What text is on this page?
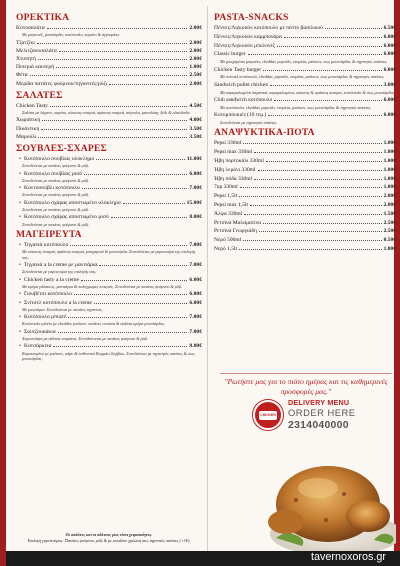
ΟΡΕΚΤΙΚΑ
Κοτοσαλάτα	2.00€
Με μαγιονέζ, μουστάρδα, κοτόπουλο, καρότο & αγγουράκι.
Τζατζίκι	2.00€
Μελιτζανοσαλάτα	2.00€
Χτυπητή	2.00€
Πιπεριά καυτερή	1.00€
Φέτα	2.50€
Μερίδα πατάτες φούρνου/τηγανιτές/ρύζι	2.00€
ΣΑΛΑΤΕΣ
Chicken Tasty	4.50€
Σαλάτα με λάχανο, καρότο, κόκκινη πιπεριά, πράσινη πιπεριά, αύγουλα, μαντιλάτη, ξύδι & ελαιόλαδο.
Χωριάτικη	4.00€
Πικάντικη	3.50€
Μαρούλι	3.50€
ΣΟΥΒΛΕΣ-ΣΧΑΡΕΣ
• Κοτόπουλο σούβλας ολόκληρο	11.00€
Συνοδεύεται με πατάτες φούρνου & ρύζι.
• Κοτόπουλο σούβλας μισό	6.00€
Συνοδεύεται με πατάτες φούρνου & ρύζι.
• Κοντοσούβλι κοτόπουλο	7.00€
Συνοδεύεται με πατάτες φούρνου & ρύζι.
• Κοτόπουλο σχάρας αποστωμένο ολόκληρο	15.00€
Συνοδεύεται με πατάτες φούρνου & ρύζι.
• Κοτόπουλο σχάρας αποστωμένο μισό	8.00€
Συνοδεύεται με πατάτες φούρνου & ρύζι.
ΜΑΓΕΙΡΕΥΤΑ
• Τηγανιά κοτόπουλο	7.00€
Με κόκκινη πιπεριά, πράσινη πιπεριά, μπαχαρικά & μουστάρδα. Συνοδεύεται με γαρνιτούρα της επιλογής σας.
• Τηγανιά a la creme με μανιτάρια	7.00€
Συνοδεύεται με γαρνιτούρα της επιλογής σας.
• Chicken tasty a la creme	6.00€
Με κρέμα γάλακτος, μανιτάρια & πολύχρωμες πιπεριές. Συνοδεύεται με πατάτες φούρνου & ρύζι.
• Γιουβέτσι κοτόπουλο	6.00€
• Σνίτσελ κοτόπουλο a la creme	6.00€
Με μανιτάρια. Συνοδεύεται με πατάτες τηγανιτές.
• Κοτόπουλο μπιφτέ	7.00€
Κοτόπουλο φιλέτο με cheddar, μπέικον, πατάτες crouton & σαλάτα κρέμα μουστάρδας.
• Σουτζουκάκια	7.00€
Χειροποίητα με σάλτσα ντομάτας. Συνοδεύονται με πατάτες φούρνου & ρύζι.
• Κοτσάρκεια	8.00€
Καρυκευμένο με μπέικον, κάρυ & αυθεντικό Κομμάτι Σερβίας. Συνοδεύεται με τηγανητές πατάτες & σως μουστάρδας.
PASTA-SNACKS
Πέννες/Λιγκουίνι κοτόπουλο με πέστο βασιλικού	6.50€
Πέννες/Λιγκουίνι καρμπονάρα	6.00€
Πέννες/Λιγκουίνι μπολονέζ	6.00€
Classic burger	6.00€
Με μοσχαρίσιο μπιφτέκι, cheddar, μαρούλι, ντομάτα, μπέικον, σως μουστάρδας & τηγανητές πατάτες.
Chicken Tasty burger	6.00€
Με σνίτσελ κοτόπουλο, cheddar, μαρούλι, ντομάτα, μπέικον, σως μουστάρδας & τηγανητές πατάτες.
Sandwich pullet chicken	3.00€
Με καραμελωμένα λαχανικά, καραμελωμένα, κόκκινη & πράσινη πιπεριά, κοτόπουλο & σως μουστάρδας.
Club sandwich κοτόπουλο	6.00€
Με κοτόπουλο, cheddar, μαρούλι, ντομάτα, μπέικον, σως μουστάρδας & τηγανητές πατάτες.
Κοτομπουκιές (10 τεμ.)	6.00€
Συνοδεύεται με τηγανητές πατάτες.
ΑΝΑΨΥΚΤΙΚΑ-ΠΟΤΑ
Pepsi 330ml	1.00€
Pepsi max 330ml	1.00€
Ήβη πορτοκάλι 330ml	1.00€
Ήβη λεμόνι 330ml	1.00€
Ήβη σόδα 330ml	1.00€
7up 330ml	1.00€
Pepsi 1,5lt	2.00€
Pepsi max 1,5lt	2.00€
Άλφα 330ml	1.50€
Ρετσίνα Μαλαματίνα	2.50€
Ρετσίνα Γεωργιάδη	2.50€
Νερό 500ml	0.50€
Νερό 1,5lt	1.00€
Οι σαλάτες και οι σάλτσες μας είναι χειροποίητες.
Επιλογή γαρνιτούρας: Πατάτες φούρνου, ρύζι & με επιπλέον χρέωση στις τηγανιτές πατάτες (+1€).
"Ρωτήστε μας για το πιάτο ημέρας και τις καθημερινές προσφορές μας."
CHICKEN
DELIVERY MENU
ORDER HERE
2314040000
tavernoxoros.gr
